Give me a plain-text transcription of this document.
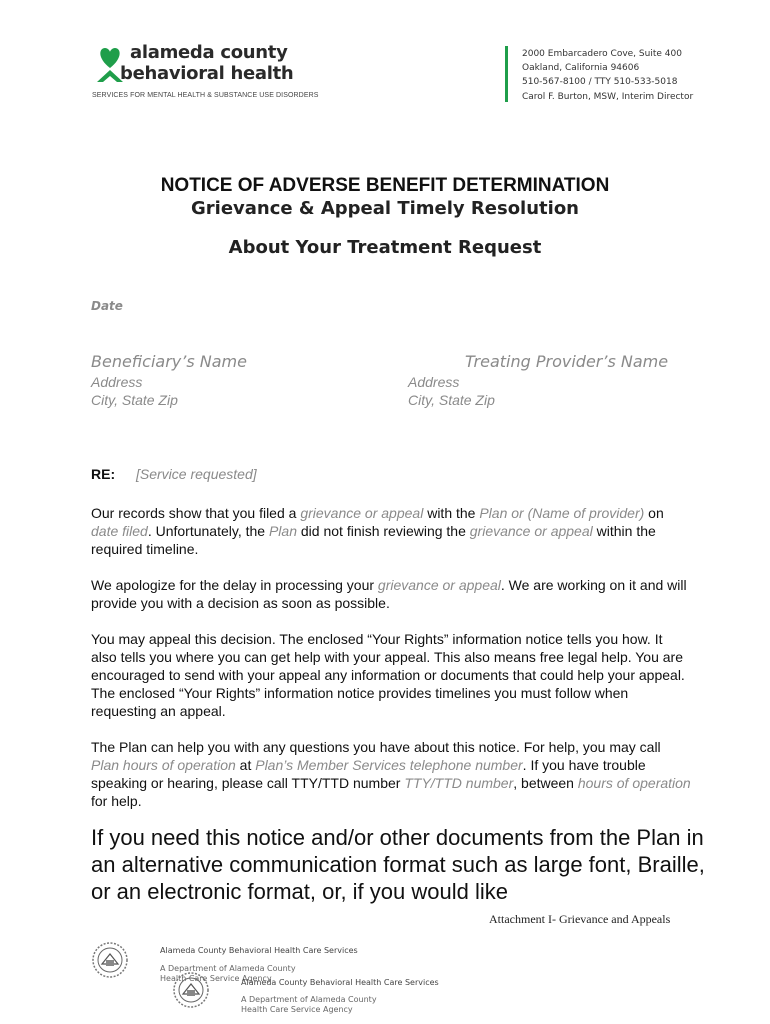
alameda county
behavioral health
SERVICES FOR MENTAL HEALTH & SUBSTANCE USE DISORDERS
2000 Embarcadero Cove, Suite 400
Oakland, California 94606
510-567-8100 / TTY 510-533-5018
Carol F. Burton, MSW, Interim Director
NOTICE OF ADVERSE BENEFIT DETERMINATION
Grievance & Appeal Timely Resolution
About Your Treatment Request
Date
Beneficiary’s Name	Treating Provider’s Name
Address
City, State Zip
Address
City, State Zip
RE: [Service requested]
Our records show that you filed a grievance or appeal with the Plan or (Name of provider) on date filed. Unfortunately, the Plan did not finish reviewing the grievance or appeal within the required timeline.
We apologize for the delay in processing your grievance or appeal. We are working on it and will provide you with a decision as soon as possible.
You may appeal this decision. The enclosed “Your Rights” information notice tells you how. It also tells you where you can get help with your appeal. This also means free legal help. You are encouraged to send with your appeal any information or documents that could help your appeal. The enclosed “Your Rights” information notice provides timelines you must follow when requesting an appeal.
The Plan can help you with any questions you have about this notice. For help, you may call Plan hours of operation at Plan’s Member Services telephone number. If you have trouble speaking or hearing, please call TTY/TTD number TTY/TTD number, between hours of operation for help.
If you need this notice and/or other documents from the Plan in an alternative communication format such as large font, Braille, or an electronic format, or, if you would like
Attachment I- Grievance and Appeals
Alameda County Behavioral Health Care Services
A Department of Alameda County
Health Care Service Agency
Alameda County Behavioral Health Care Services
A Department of Alameda County
Health Care Service Agency
